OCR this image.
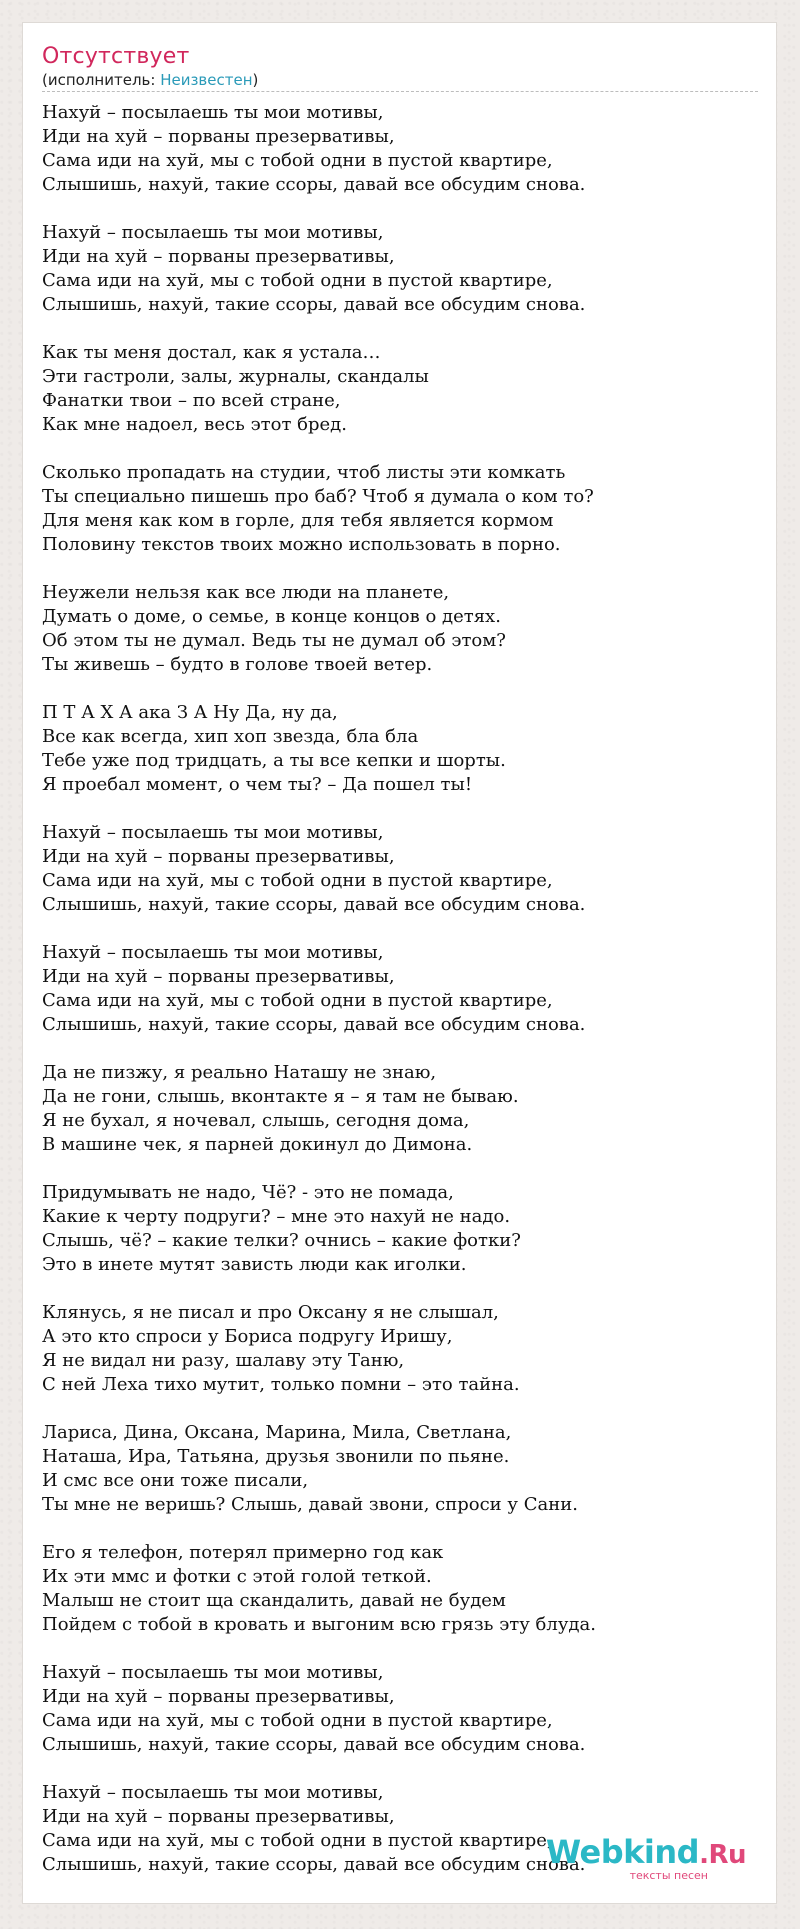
Отсутствует
(исполнитель: Неизвестен)
Нахуй – посылаешь ты мои мотивы,
Иди на хуй – порваны презервативы,
Сама иди на хуй, мы с тобой одни в пустой квартире,
Слышишь, нахуй, такие ссоры, давай все обсудим снова.
Нахуй – посылаешь ты мои мотивы,
Иди на хуй – порваны презервативы,
Сама иди на хуй, мы с тобой одни в пустой квартире,
Слышишь, нахуй, такие ссоры, давай все обсудим снова.
Как ты меня достал, как я устала…
Эти гастроли, залы, журналы, скандалы
Фанатки твои – по всей стране,
Как мне надоел, весь этот бред.
Сколько пропадать на студии, чтоб листы эти комкать
Ты специально пишешь про баб? Чтоб я думала о ком то?
Для меня как ком в горле, для тебя является кормом
Половину текстов твоих можно использовать в порно.
Неужели нельзя как все люди на планете,
Думать о доме, о семье, в конце концов о детях.
Об этом ты не думал. Ведь ты не думал об этом?
Ты живешь – будто в голове твоей ветер.
П Т А Х А ака З А Ну Да, ну да,
Все как всегда, хип хоп звезда, бла бла
Тебе уже под тридцать, а ты все кепки и шорты.
Я проебал момент, о чем ты? – Да пошел ты!
Нахуй – посылаешь ты мои мотивы,
Иди на хуй – порваны презервативы,
Сама иди на хуй, мы с тобой одни в пустой квартире,
Слышишь, нахуй, такие ссоры, давай все обсудим снова.
Нахуй – посылаешь ты мои мотивы,
Иди на хуй – порваны презервативы,
Сама иди на хуй, мы с тобой одни в пустой квартире,
Слышишь, нахуй, такие ссоры, давай все обсудим снова.
Да не пизжу, я реально Наташу не знаю,
Да не гони, слышь, вконтакте я – я там не бываю.
Я не бухал, я ночевал, слышь, сегодня дома,
В машине чек, я парней докинул до Димона.
Придумывать не надо, Чё? - это не помада,
Какие к черту подруги? – мне это нахуй не надо.
Слышь, чё? – какие телки? очнись – какие фотки?
Это в инете мутят зависть люди как иголки.
Клянусь, я не писал и про Оксану я не слышал,
А это кто спроси у Бориса подругу Иришу,
Я не видал ни разу, шалаву эту Таню,
С ней Леха тихо мутит, только помни – это тайна.
Лариса, Дина, Оксана, Марина, Мила, Светлана,
Наташа, Ира, Татьяна, друзья звонили по пьяне.
И смс все они тоже писали,
Ты мне не веришь? Слышь, давай звони, спроси у Сани.
Его я телефон, потерял примерно год как
Их эти ммс и фотки с этой голой теткой.
Малыш не стоит ща скандалить, давай не будем
Пойдем с тобой в кровать и выгоним всю грязь эту блуда.
Нахуй – посылаешь ты мои мотивы,
Иди на хуй – порваны презервативы,
Сама иди на хуй, мы с тобой одни в пустой квартире,
Слышишь, нахуй, такие ссоры, давай все обсудим снова.
Нахуй – посылаешь ты мои мотивы,
Иди на хуй – порваны презервативы,
Сама иди на хуй, мы с тобой одни в пустой квартире,
Слышишь, нахуй, такие ссоры, давай все обсудим снова.
Webkind.Ru
тексты песен
